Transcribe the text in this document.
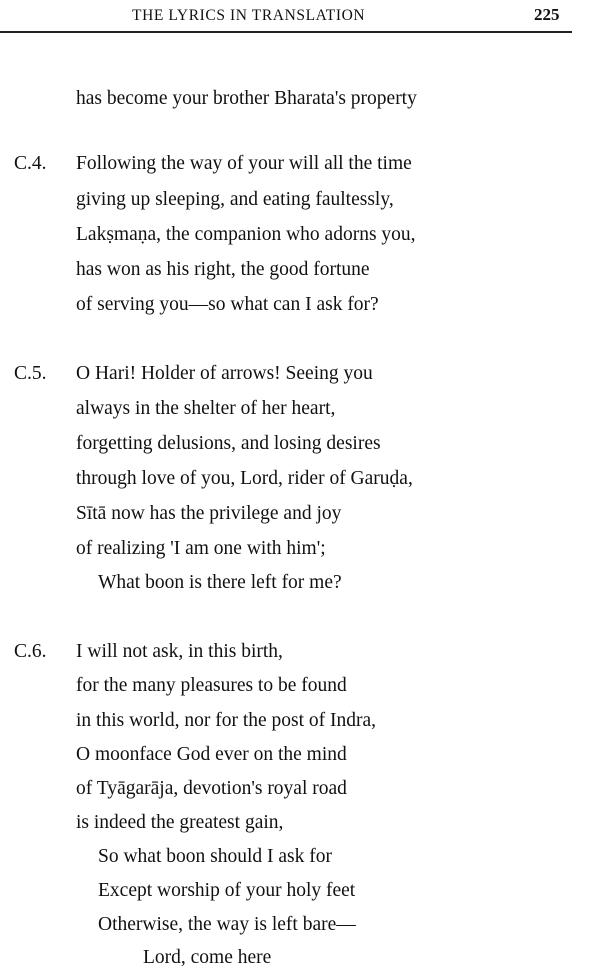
THE LYRICS IN TRANSLATION	225
has become your brother Bharata's property
C.4. Following the way of your will all the time
giving up sleeping, and eating faultessly,
Lakṣmaṇa, the companion who adorns you,
has won as his right, the good fortune
of serving you—so what can I ask for?
C.5. O Hari! Holder of arrows! Seeing you
always in the shelter of her heart,
forgetting delusions, and losing desires
through love of you, Lord, rider of Garuḍa,
Sītā now has the privilege and joy
of realizing 'I am one with him';
What boon is there left for me?
C.6. I will not ask, in this birth,
for the many pleasures to be found
in this world, nor for the post of Indra,
O moonface God ever on the mind
of Tyāgarāja, devotion's royal road
is indeed the greatest gain,
So what boon should I ask for
Except worship of your holy feet
Otherwise, the way is left bare—
Lord, come here
